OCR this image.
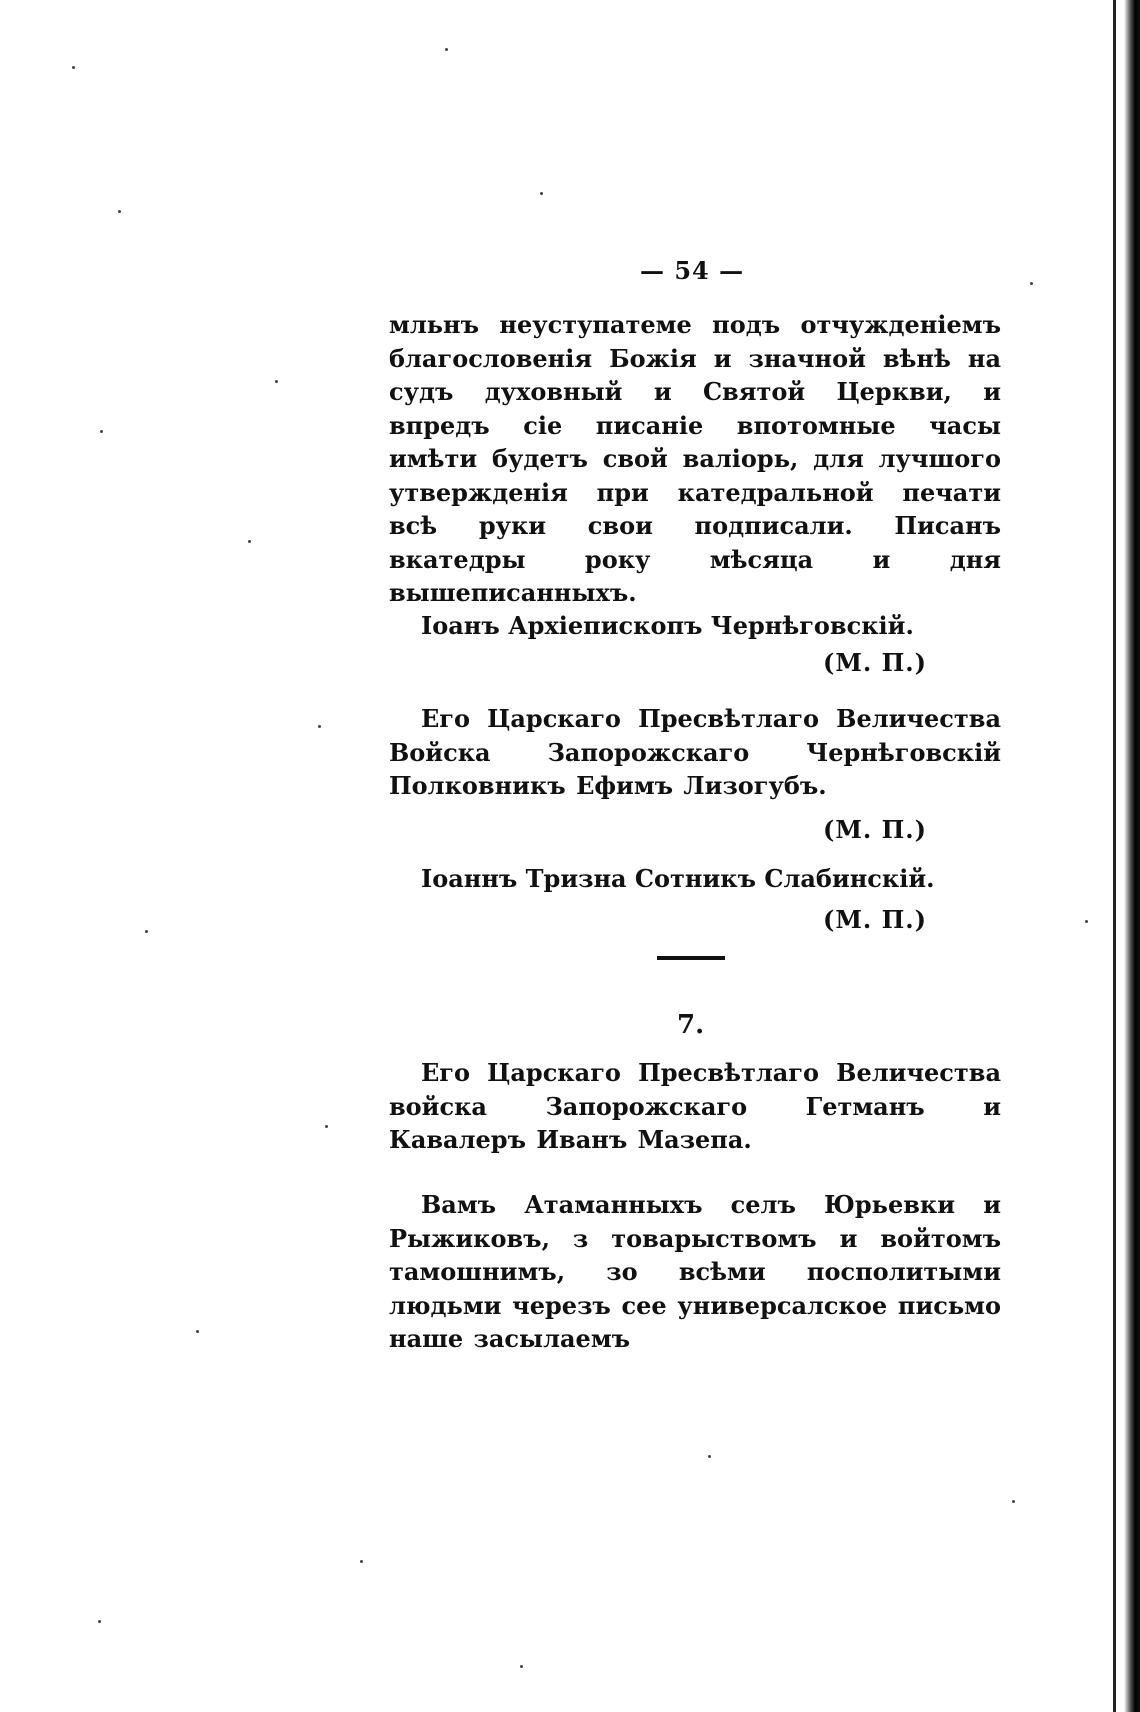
— 54 —
мльнъ неуступатеме подъ отчужденіемъ благословенія Божія и значной вѣнѣ на судъ духовный и Святой Церкви, и впредъ сіе писаніе впотомные часы имѣти будетъ свой валіорь, для лучшого утвержденія при катедральной печати всѣ руки свои подписали. Писанъ вкатедры року мѣсяца и дня вышеписанныхъ.
Іоанъ Архіепископъ Чернѣговскій.
(М. П.)
Его Царскаго Пресвѣтлаго Величества Войска Запорожскаго Чернѣговскій Полковникъ Ефимъ Лизогубъ.
(М. П.)
Іоаннъ Тризна Сотникъ Слабинскій.
(М. П.)
7.
Его Царскаго Пресвѣтлаго Величества войска Запорожскаго Гетманъ и Кавалеръ Иванъ Мазепа.
Вамъ Атаманныхъ селъ Юрьевки и Рыжиковъ, з товарыствомъ и войтомъ тамошнимъ, зо всѣми посполитыми людьми черезъ сее универсалское письмо наше засылаемъ
